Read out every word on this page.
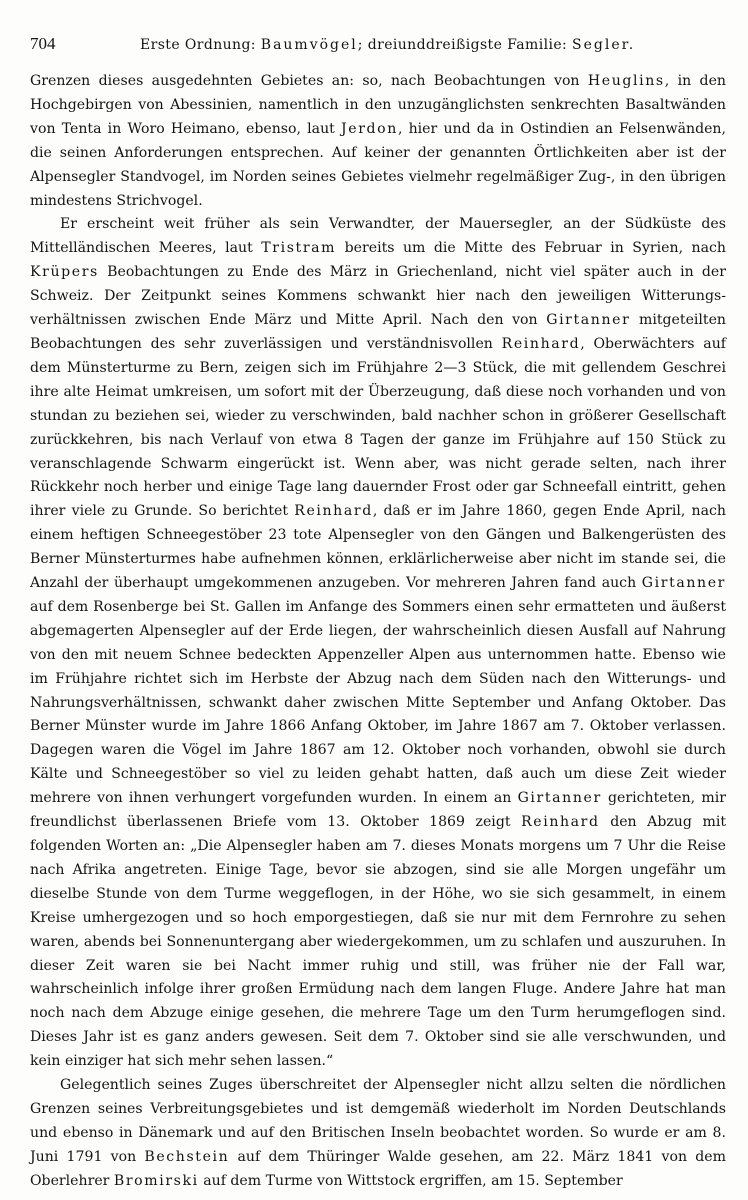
704	Erste Ordnung: Baumvögel; dreiunddreißigste Familie: Segler.

Grenzen dieses ausgedehnten Gebietes an: so, nach Beobachtungen von Heuglins, in den Hochgebirgen von Abessinien, namentlich in den unzugänglichsten senkrechten Basaltwänden von Tenta in Woro Heimano, ebenso, laut Jerdon, hier und da in Ostindien an Felsenwänden, die seinen Anforderungen entsprechen. Auf keiner der genannten Örtlichkeiten aber ist der Alpensegler Standvogel, im Norden seines Gebietes vielmehr regelmäßiger Zug-, in den übrigen mindestens Strichvogel.

Er erscheint weit früher als sein Verwandter, der Mauersegler, an der Südküste des Mittelländischen Meeres, laut Tristram bereits um die Mitte des Februar in Syrien, nach Krüpers Beobachtungen zu Ende des März in Griechenland, nicht viel später auch in der Schweiz. Der Zeitpunkt seines Kommens schwankt hier nach den jeweiligen Witterungsverhältnissen zwischen Ende März und Mitte April. Nach den von Girtanner mitgeteilten Beobachtungen des sehr zuverlässigen und verständnisvollen Reinhard, Oberwächters auf dem Münsterturme zu Bern, zeigen sich im Frühjahre 2—3 Stück, die mit gellendem Geschrei ihre alte Heimat umkreisen, um sofort mit der Überzeugung, daß diese noch vorhanden und von stundan zu beziehen sei, wieder zu verschwinden, bald nachher schon in größerer Gesellschaft zurückkehren, bis nach Verlauf von etwa 8 Tagen der ganze im Frühjahre auf 150 Stück zu veranschlagende Schwarm eingerückt ist. Wenn aber, was nicht gerade selten, nach ihrer Rückkehr noch herber und einige Tage lang dauernder Frost oder gar Schneefall eintritt, gehen ihrer viele zu Grunde. So berichtet Reinhard, daß er im Jahre 1860, gegen Ende April, nach einem heftigen Schneegestöber 23 tote Alpensegler von den Gängen und Balkengerüsten des Berner Münsterturmes habe aufnehmen können, erklärlicherweise aber nicht im stande sei, die Anzahl der überhaupt umgekommenen anzugeben. Vor mehreren Jahren fand auch Girtanner auf dem Rosenberge bei St. Gallen im Anfange des Sommers einen sehr ermatteten und äußerst abgemagerten Alpensegler auf der Erde liegen, der wahrscheinlich diesen Ausfall auf Nahrung von den mit neuem Schnee bedeckten Appenzeller Alpen aus unternommen hatte. Ebenso wie im Frühjahre richtet sich im Herbste der Abzug nach dem Süden nach den Witterungs- und Nahrungsverhältnissen, schwankt daher zwischen Mitte September und Anfang Oktober. Das Berner Münster wurde im Jahre 1866 Anfang Oktober, im Jahre 1867 am 7. Oktober verlassen. Dagegen waren die Vögel im Jahre 1867 am 12. Oktober noch vorhanden, obwohl sie durch Kälte und Schneegestöber so viel zu leiden gehabt hatten, daß auch um diese Zeit wieder mehrere von ihnen verhungert vorgefunden wurden. In einem an Girtanner gerichteten, mir freundlichst überlassenen Briefe vom 13. Oktober 1869 zeigt Reinhard den Abzug mit folgenden Worten an: „Die Alpensegler haben am 7. dieses Monats morgens um 7 Uhr die Reise nach Afrika angetreten. Einige Tage, bevor sie abzogen, sind sie alle Morgen ungefähr um dieselbe Stunde von dem Turme weggeflogen, in der Höhe, wo sie sich gesammelt, in einem Kreise umhergezogen und so hoch emporgestiegen, daß sie nur mit dem Fernrohre zu sehen waren, abends bei Sonnenuntergang aber wiedergekommen, um zu schlafen und auszuruhen. In dieser Zeit waren sie bei Nacht immer ruhig und still, was früher nie der Fall war, wahrscheinlich infolge ihrer großen Ermüdung nach dem langen Fluge. Andere Jahre hat man noch nach dem Abzuge einige gesehen, die mehrere Tage um den Turm herumgeflogen sind. Dieses Jahr ist es ganz anders gewesen. Seit dem 7. Oktober sind sie alle verschwunden, und kein einziger hat sich mehr sehen lassen.“

Gelegentlich seines Zuges überschreitet der Alpensegler nicht allzu selten die nördlichen Grenzen seines Verbreitungsgebietes und ist demgemäß wiederholt im Norden Deutschlands und ebenso in Dänemark und auf den Britischen Inseln beobachtet worden. So wurde er am 8. Juni 1791 von Bechstein auf dem Thüringer Walde gesehen, am 22. März 1841 von dem Oberlehrer Bromirski auf dem Turme von Wittstock ergriffen, am 15. September
